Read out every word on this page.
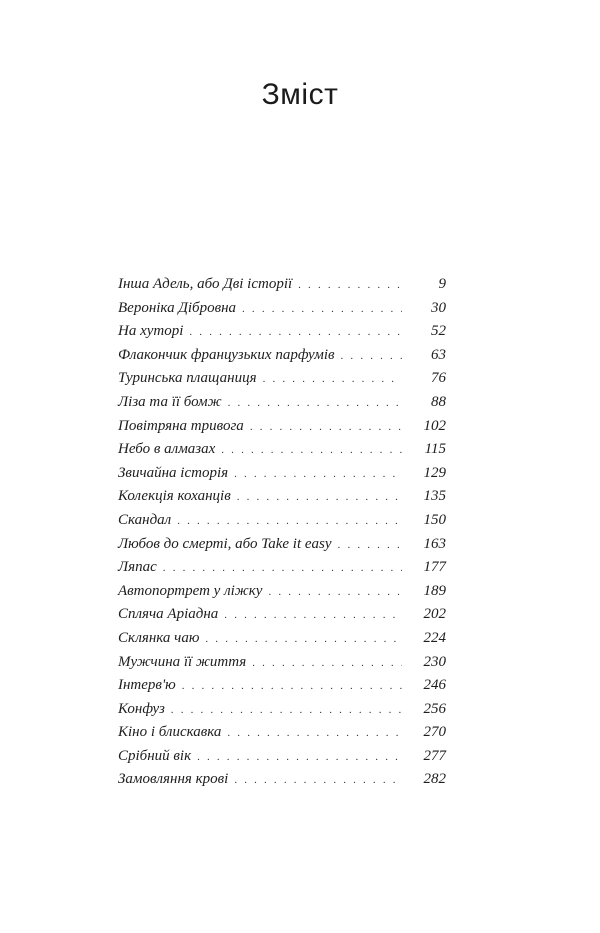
Зміст
Інша Адель, або Дві історії . . .	9
Вероніка Дібровна . . .	30
На хуторі . . .	52
Флакончик французьких парфумів . . .	63
Туринська плащаниця . . .	76
Ліза та її бомж . . .	88
Повітряна тривога . . .	102
Небо в алмазах . . .	115
Звичайна історія . . .	129
Колекція коханців . . .	135
Скандал . . .	150
Любов до смерті, або Take it easy . . .	163
Ляпас . . .	177
Автопортрет у ліжку . . .	189
Спляча Аріадна . . .	202
Склянка чаю . . .	224
Мужчина її життя . . .	230
Інтерв'ю . . .	246
Конфуз . . .	256
Кіно і блискавка . . .	270
Срібний вік . . .	277
Замовляння крові . . .	282
